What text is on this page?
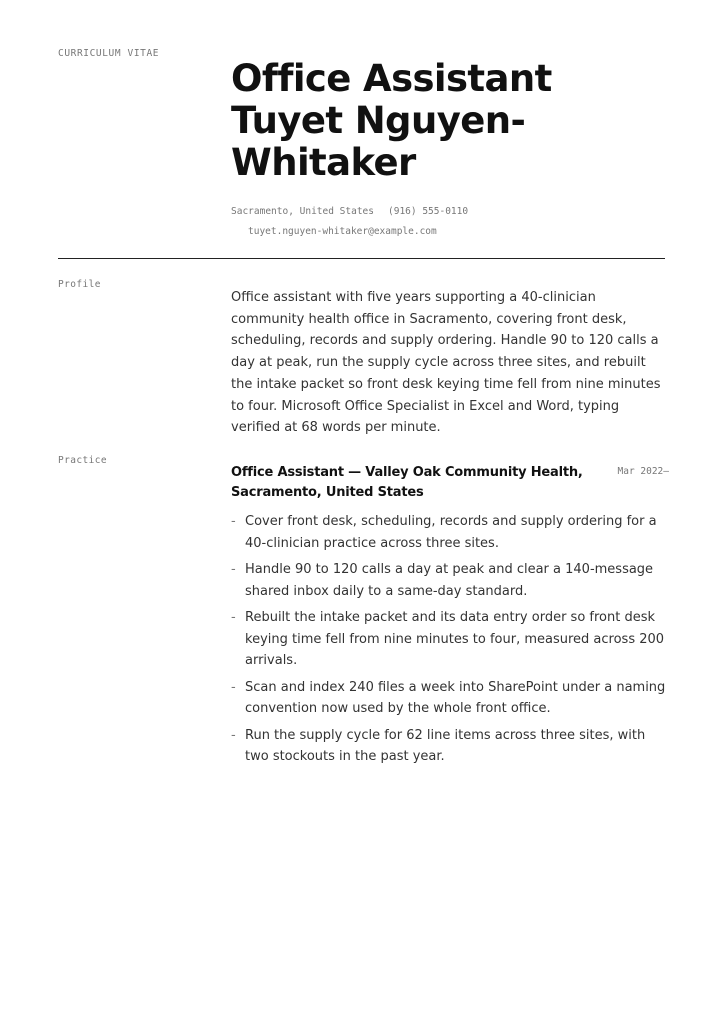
CURRICULUM VITAE
Office Assistant
Tuyet Nguyen-
Whitaker
Sacramento, United States (916) 555-0110
tuyet.nguyen-whitaker@example.com
Profile

Office assistant with five years supporting a 40-clinician community health office in Sacramento, covering front desk, scheduling, records and supply ordering. Handle 90 to 120 calls a day at peak, run the supply cycle across three sites, and rebuilt the intake packet so front desk keying time fell from nine minutes to four. Microsoft Office Specialist in Excel and Word, typing verified at 68 words per minute.

Practice
Office Assistant — Valley Oak Community Health, Sacramento, United States
Mar 2022–
- Cover front desk, scheduling, records and supply ordering for a 40-clinician practice across three sites.
- Handle 90 to 120 calls a day at peak and clear a 140-message shared inbox daily to a same-day standard.
- Rebuilt the intake packet and its data entry order so front desk keying time fell from nine minutes to four, measured across 200 arrivals.
- Scan and index 240 files a week into SharePoint under a naming convention now used by the whole front office.
- Run the supply cycle for 62 line items across three sites, with two stockouts in the past year.
